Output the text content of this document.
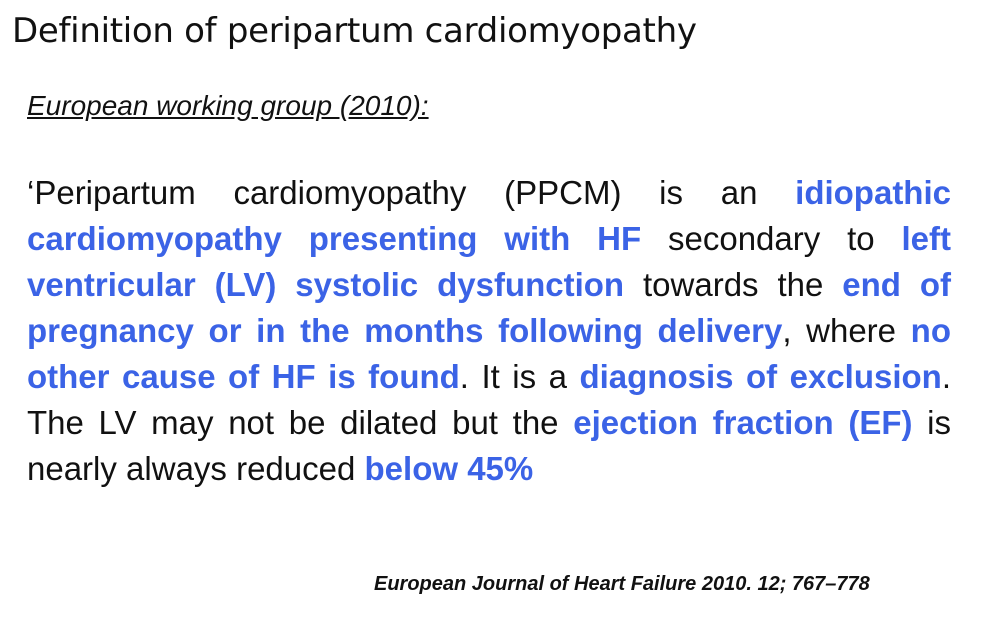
Definition of peripartum cardiomyopathy
European working group (2010):

‘Peripartum cardiomyopathy (PPCM) is an idiopathic cardiomyopathy presenting with HF secondary to left ventricular (LV) systolic dysfunction towards the end of pregnancy or in the months following delivery, where no other cause of HF is found. It is a diagnosis of exclusion. The LV may not be dilated but the ejection fraction (EF) is nearly always reduced below 45%

European Journal of Heart Failure 2010. 12; 767–778
